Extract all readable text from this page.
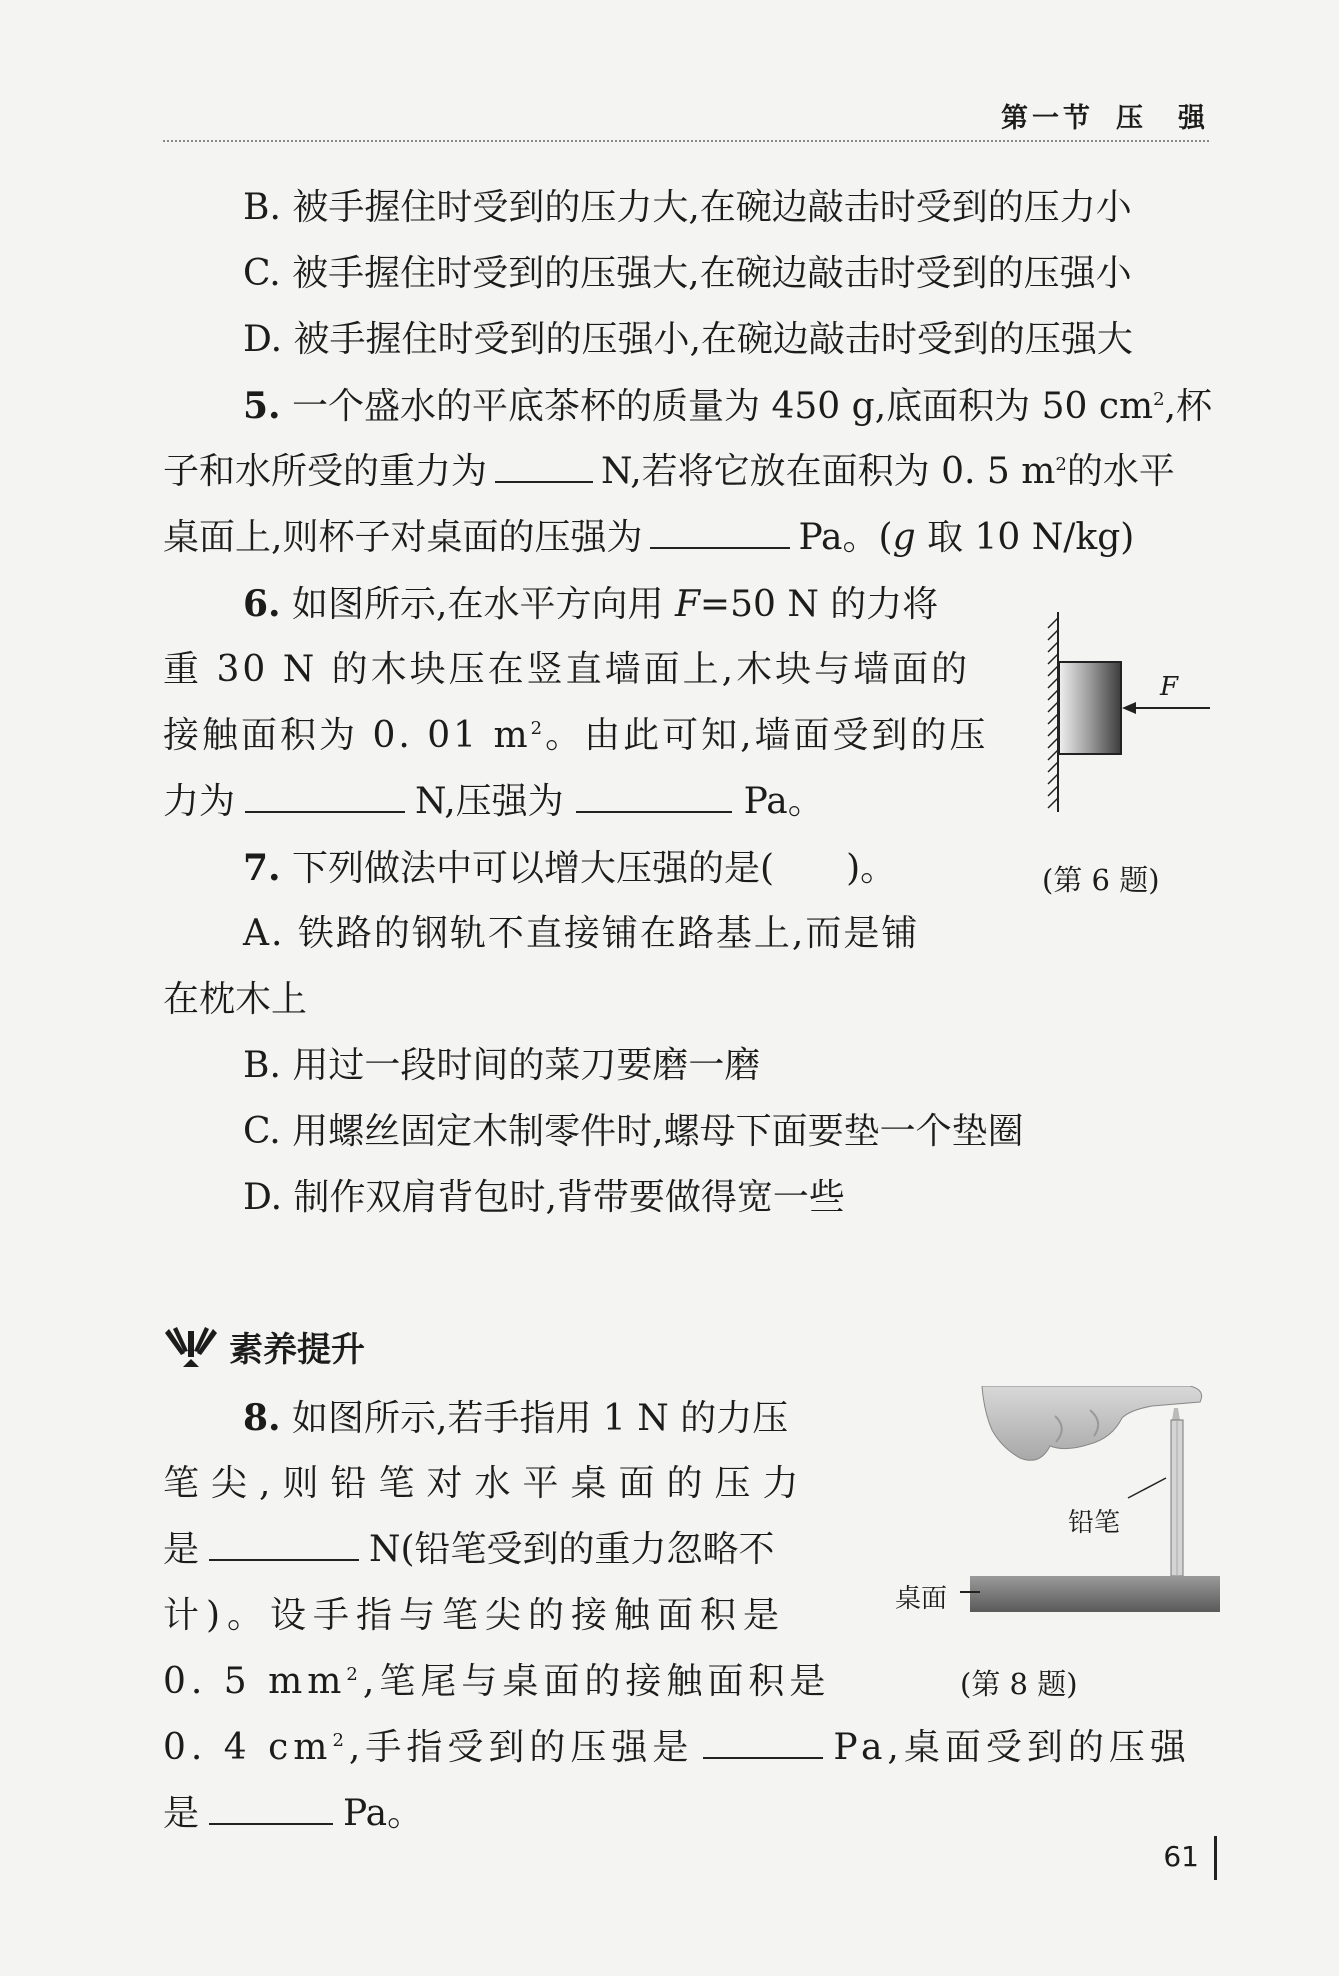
第一节 压　强
B. 被手握住时受到的压力大,在碗边敲击时受到的压力小
C. 被手握住时受到的压强大,在碗边敲击时受到的压强小
D. 被手握住时受到的压强小,在碗边敲击时受到的压强大
5. 一个盛水的平底茶杯的质量为 450 g,底面积为 50 $cm^2$,杯
子和水所受的重力为	N,若将它放在面积为 0. 5 $m^2$的水平
桌面上,则杯子对桌面的压强为	Pa。(g 取 10 N/kg)
6. 如图所示,在水平方向用 F=50 N 的力将
重 30 N 的木块压在竖直墙面上,木块与墙面的
接触面积为 0. 01 $m^2$。由此可知,墙面受到的压
力为	N,压强为	Pa。
F
(第 6 题)
7. 下列做法中可以增大压强的是(　　)。
A. 铁路的钢轨不直接铺在路基上,而是铺
在枕木上
B. 用过一段时间的菜刀要磨一磨
C. 用螺丝固定木制零件时,螺母下面要垫一个垫圈
D. 制作双肩背包时,背带要做得宽一些
素养提升
8. 如图所示,若手指用 1 N 的力压
笔尖,则铅笔对水平桌面的压力
是	N(铅笔受到的重力忽略不
计)。设手指与笔尖的接触面积是
0. 5 $mm^2$,笔尾与桌面的接触面积是
0. 4 $cm^2$,手指受到的压强是	Pa,桌面受到的压强
是	Pa。
铅笔
桌面
(第 8 题)
61
